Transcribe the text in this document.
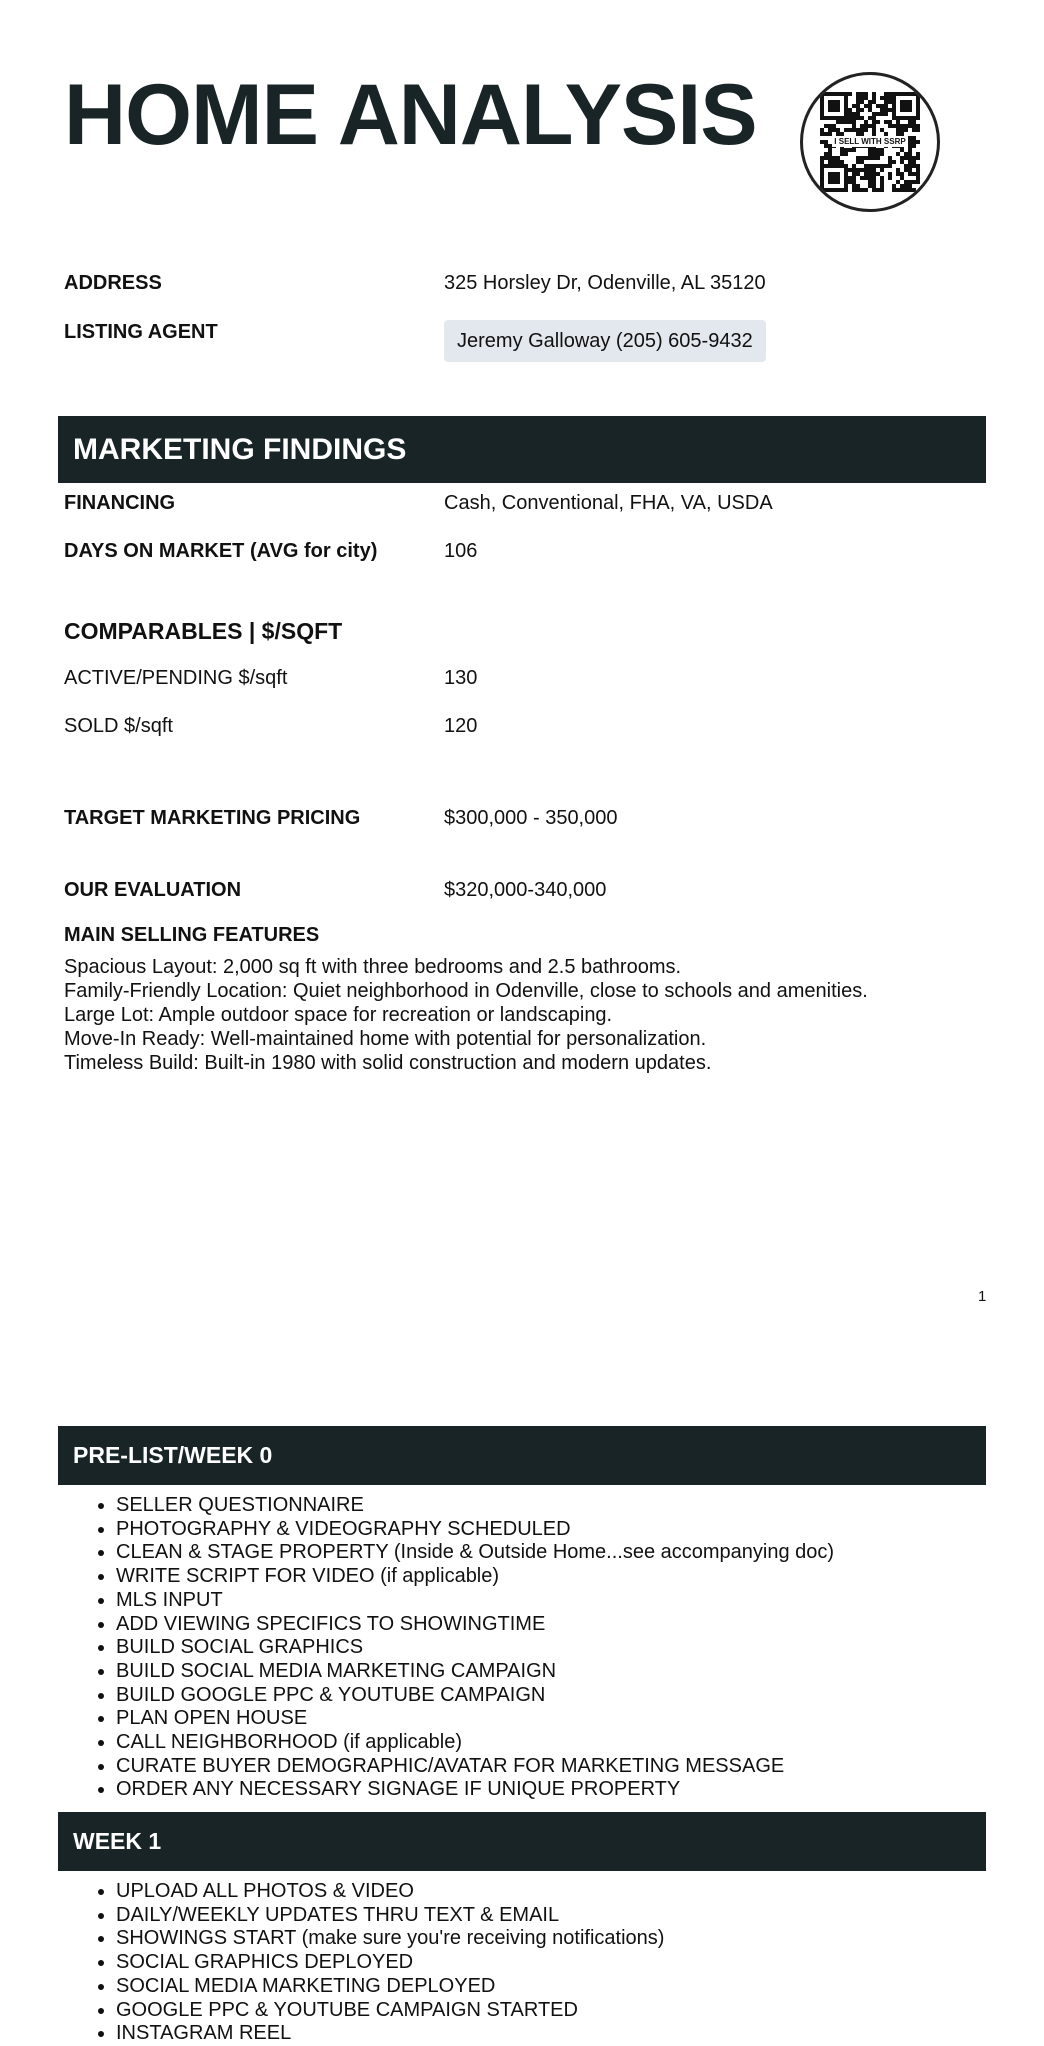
HOME ANALYSIS	I SELL WITH SSRP
ADDRESS	325 Horsley Dr, Odenville, AL 35120
LISTING AGENT	Jeremy Galloway (205) 605-9432
MARKETING FINDINGS
FINANCING	Cash, Conventional, FHA, VA, USDA
DAYS ON MARKET (AVG for city)	106
COMPARABLES | $/SQFT
ACTIVE/PENDING $/sqft	130
SOLD $/sqft	120
TARGET MARKETING PRICING	$300,000 - 350,000
OUR EVALUATION	$320,000-340,000
MAIN SELLING FEATURES
Spacious Layout: 2,000 sq ft with three bedrooms and 2.5 bathrooms.
Family-Friendly Location: Quiet neighborhood in Odenville, close to schools and amenities.
Large Lot: Ample outdoor space for recreation or landscaping.
Move-In Ready: Well-maintained home with potential for personalization.
Timeless Build: Built-in 1980 with solid construction and modern updates.
1
PRE-LIST/WEEK 0
• SELLER QUESTIONNAIRE
• PHOTOGRAPHY & VIDEOGRAPHY SCHEDULED
• CLEAN & STAGE PROPERTY (Inside & Outside Home...see accompanying doc)
• WRITE SCRIPT FOR VIDEO (if applicable)
• MLS INPUT
• ADD VIEWING SPECIFICS TO SHOWINGTIME
• BUILD SOCIAL GRAPHICS
• BUILD SOCIAL MEDIA MARKETING CAMPAIGN
• BUILD GOOGLE PPC & YOUTUBE CAMPAIGN
• PLAN OPEN HOUSE
• CALL NEIGHBORHOOD (if applicable)
• CURATE BUYER DEMOGRAPHIC/AVATAR FOR MARKETING MESSAGE
• ORDER ANY NECESSARY SIGNAGE IF UNIQUE PROPERTY
WEEK 1
• UPLOAD ALL PHOTOS & VIDEO
• DAILY/WEEKLY UPDATES THRU TEXT & EMAIL
• SHOWINGS START (make sure you're receiving notifications)
• SOCIAL GRAPHICS DEPLOYED
• SOCIAL MEDIA MARKETING DEPLOYED
• GOOGLE PPC & YOUTUBE CAMPAIGN STARTED
• INSTAGRAM REEL
